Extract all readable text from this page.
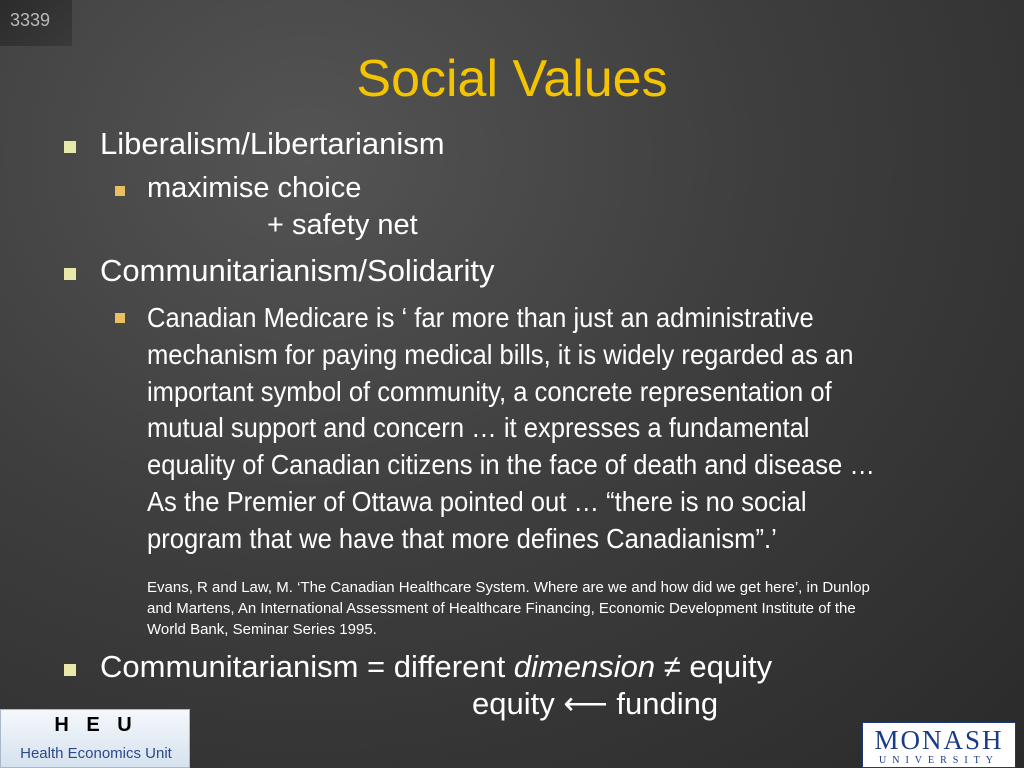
3339
Social Values
Liberalism/Libertarianism
maximise choice
+ safety net
Communitarianism/Solidarity
Canadian Medicare is ‘ far more than just an administrative
mechanism for paying medical bills, it is widely regarded as an
important symbol of community, a concrete representation of
mutual support and concern … it expresses a fundamental
equality of Canadian citizens in the face of death and disease …
As the Premier of Ottawa pointed out … “there is no social
program that we have that more defines Canadianism”.’
Evans, R and Law, M. ‘The Canadian Healthcare System. Where are we and how did we get here’, in Dunlop
and Martens, An International Assessment of Healthcare Financing, Economic Development Institute of the
World Bank, Seminar Series 1995.
Communitarianism = different dimension ≠ equity
equity ⟵ funding
H E U
Health Economics Unit	MONASH
UNIVERSITY
